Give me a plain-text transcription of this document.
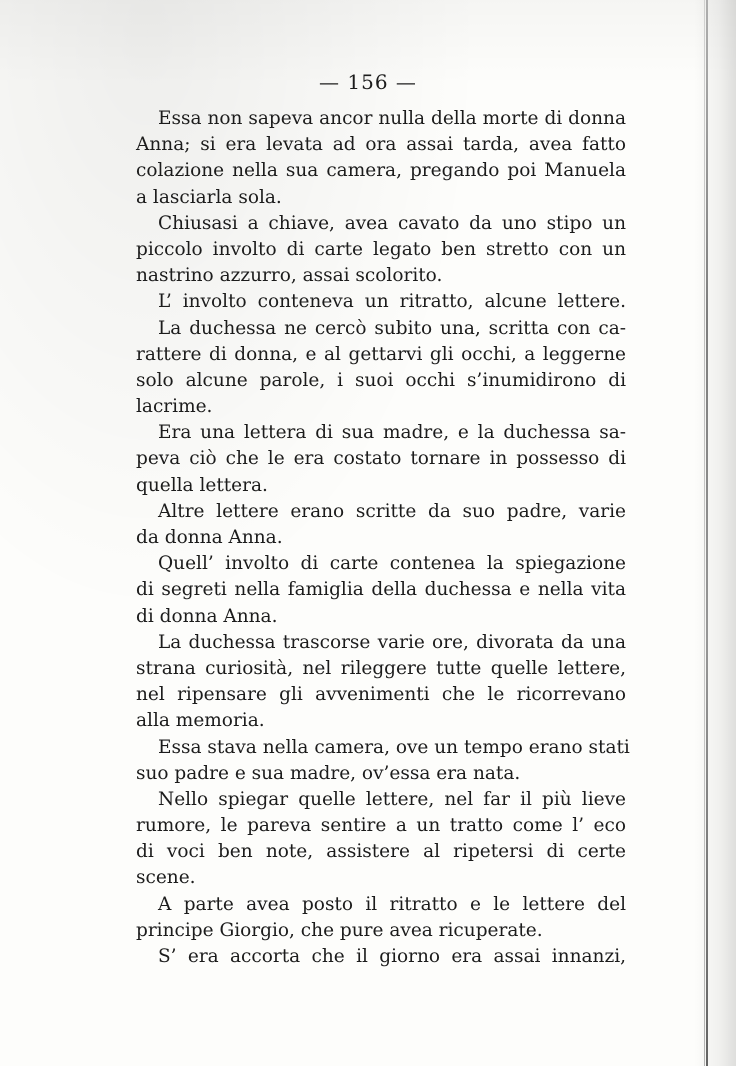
— 156 —
Essa non sapeva ancor nulla della morte di donna
Anna; si era levata ad ora assai tarda, avea fatto
colazione nella sua camera, pregando poi Manuela
a lasciarla sola.
Chiusasi a chiave, avea cavato da uno stipo un
piccolo involto di carte legato ben stretto con un
nastrino azzurro, assai scolorito.
L’ involto conteneva un ritratto, alcune lettere.
La duchessa ne cercò subito una, scritta con ca-
rattere di donna, e al gettarvi gli occhi, a leggerne
solo alcune parole, i suoi occhi s’inumidirono di
lacrime.
Era una lettera di sua madre, e la duchessa sa-
peva ciò che le era costato tornare in possesso di
quella lettera.
Altre lettere erano scritte da suo padre, varie
da donna Anna.
Quell’ involto di carte contenea la spiegazione
di segreti nella famiglia della duchessa e nella vita
di donna Anna.
La duchessa trascorse varie ore, divorata da una
strana curiosità, nel rileggere tutte quelle lettere,
nel ripensare gli avvenimenti che le ricorrevano
alla memoria.
Essa stava nella camera, ove un tempo erano stati
suo padre e sua madre, ov’essa era nata.
Nello spiegar quelle lettere, nel far il più lieve
rumore, le pareva sentire a un tratto come l’ eco
di voci ben note, assistere al ripetersi di certe
scene.
A parte avea posto il ritratto e le lettere del
principe Giorgio, che pure avea ricuperate.
S’ era accorta che il giorno era assai innanzi,
